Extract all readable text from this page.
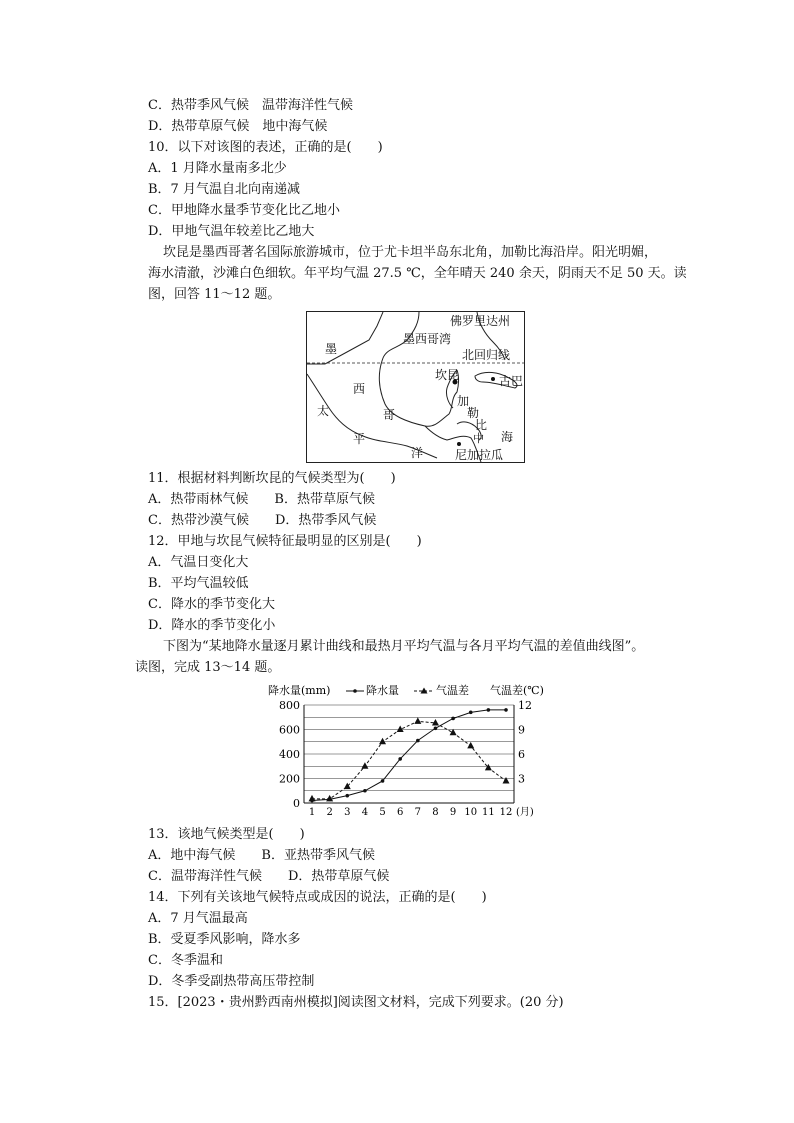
C．热带季风气候　温带海洋性气候
D．热带草原气候　地中海气候
10．以下对该图的表述，正确的是(　　)
A．1 月降水量南多北少
B．7 月气温自北向南递减
C．甲地降水量季节变化比乙地小
D．甲地气温年较差比乙地大
坎昆是墨西哥著名国际旅游城市，位于尤卡坦半岛东北角，加勒比海沿岸。阳光明媚，
海水清澈，沙滩白色细软。年平均气温 27.5 ℃，全年晴天 240 余天，阴雨天不足 50 天。读
图，回答 11～12 题。
佛罗里达州
墨
墨西哥湾
北回归线
坎昆	古巴
西
太	哥
加
勒
比
海
平	中
洋	尼加拉瓜
11．根据材料判断坎昆的气候类型为(　　)
A．热带雨林气候　　B．热带草原气候
C．热带沙漠气候　　D．热带季风气候
12．甲地与坎昆气候特征最明显的区别是(　　)
A．气温日变化大
B．平均气温较低
C．降水的季节变化大
D．降水的季节变化小
下图为“某地降水量逐月累计曲线和最热月平均气温与各月平均气温的差值曲线图”。
读图，完成 13～14 题。
降水量(mm)	降水量	气温差 气温差(℃)
0
200
400
600
800
3
6
9
12
1 2 3 4 5 6 7 8 9 10 11 12 (月)
13．该地气候类型是(　　)
A．地中海气候　　B．亚热带季风气候
C．温带海洋性气候　　D．热带草原气候
14．下列有关该地气候特点或成因的说法，正确的是(　　)
A．7 月气温最高
B．受夏季风影响，降水多
C．冬季温和
D．冬季受副热带高压带控制
15．[2023・贵州黔西南州模拟]阅读图文材料，完成下列要求。(20 分)
